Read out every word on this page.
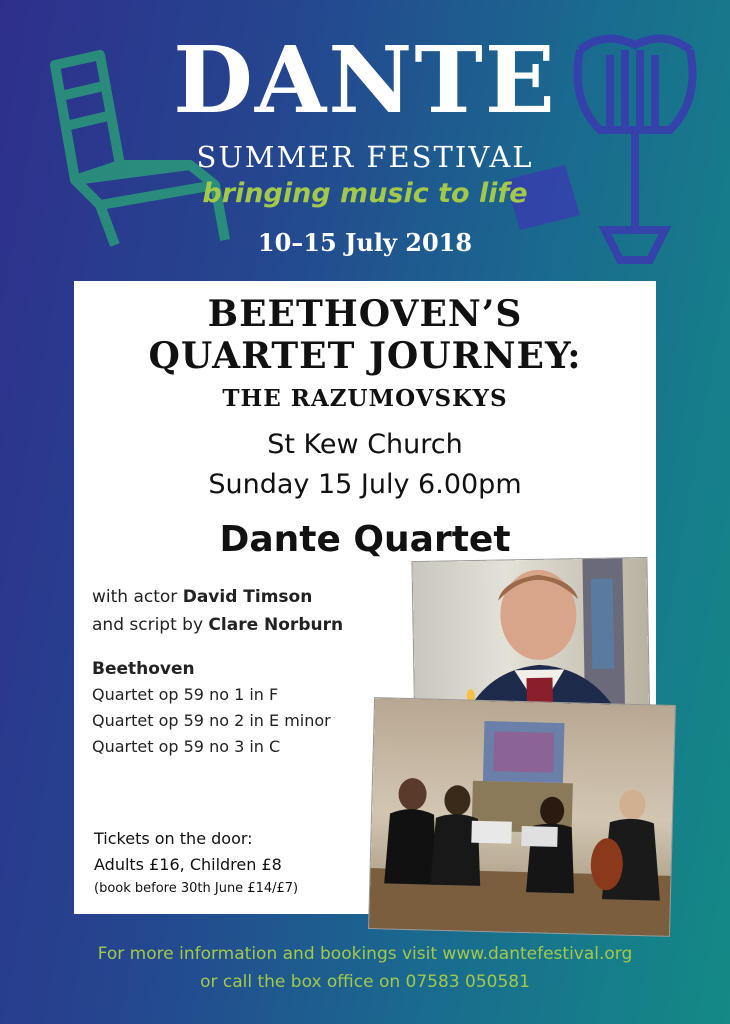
DANTE
SUMMER FESTIVAL
bringing music to life
10–15 July 2018
BEETHOVEN’S
QUARTET JOURNEY:
THE RAZUMOVSKYS
St Kew Church
Sunday 15 July 6.00pm
Dante Quartet
with actor David Timson
and script by Clare Norburn
Beethoven
Quartet op 59 no 1 in F
Quartet op 59 no 2 in E minor
Quartet op 59 no 3 in C
Tickets on the door:
Adults £16, Children £8
(book before 30th June £14/£7)
For more information and bookings visit www.dantefestival.org
or call the box office on 07583 050581
